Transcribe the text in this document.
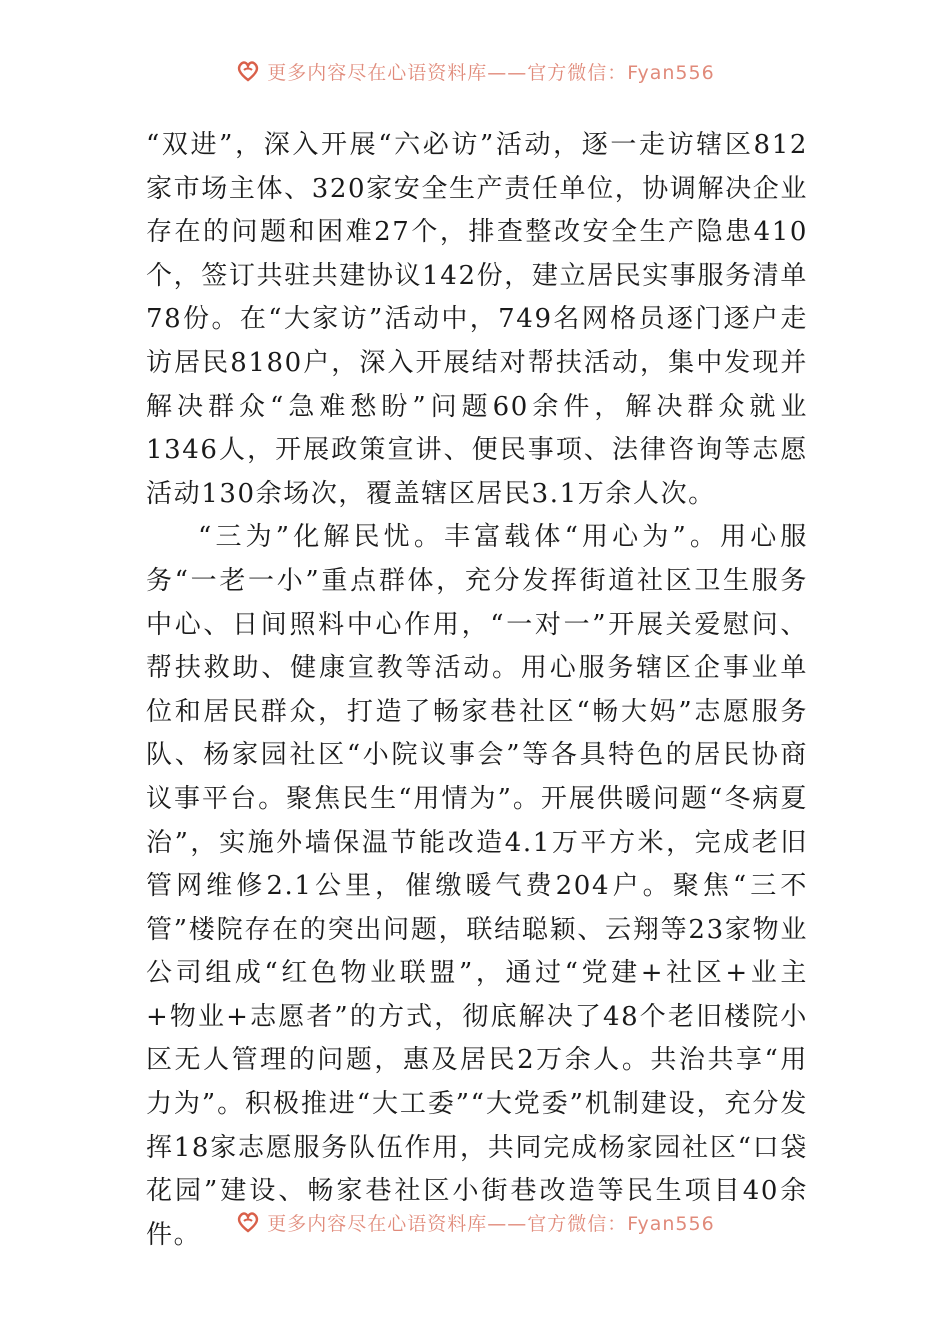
更多内容尽在心语资料库——官方微信：Fyan556

“双进”，深入开展“六必访”活动，逐一走访辖区812家市场主体、320家安全生产责任单位，协调解决企业存在的问题和困难27个，排查整改安全生产隐患410个，签订共驻共建协议142份，建立居民实事服务清单78份。在“大家访”活动中，749名网格员逐门逐户走访居民8180户，深入开展结对帮扶活动，集中发现并解决群众“急难愁盼”问题60余件，解决群众就业1346人，开展政策宣讲、便民事项、法律咨询等志愿活动130余场次，覆盖辖区居民3.1万余人次。

“三为”化解民忧。丰富载体“用心为”。用心服务“一老一小”重点群体，充分发挥街道社区卫生服务中心、日间照料中心作用，“一对一”开展关爱慰问、帮扶救助、健康宣教等活动。用心服务辖区企事业单位和居民群众，打造了畅家巷社区“畅大妈”志愿服务队、杨家园社区“小院议事会”等各具特色的居民协商议事平台。聚焦民生“用情为”。开展供暖问题“冬病夏治”，实施外墙保温节能改造4.1万平方米，完成老旧管网维修2.1公里，催缴暖气费204户。聚焦“三不管”楼院存在的突出问题，联结聪颖、云翔等23家物业公司组成“红色物业联盟”，通过“党建+社区+业主+物业+志愿者”的方式，彻底解决了48个老旧楼院小区无人管理的问题，惠及居民2万余人。共治共享“用力为”。积极推进“大工委”“大党委”机制建设，充分发挥18家志愿服务队伍作用，共同完成杨家园社区“口袋花园”建设、畅家巷社区小街巷改造等民生项目40余件。	更多内容尽在心语资料库——官方微信：Fyan556
